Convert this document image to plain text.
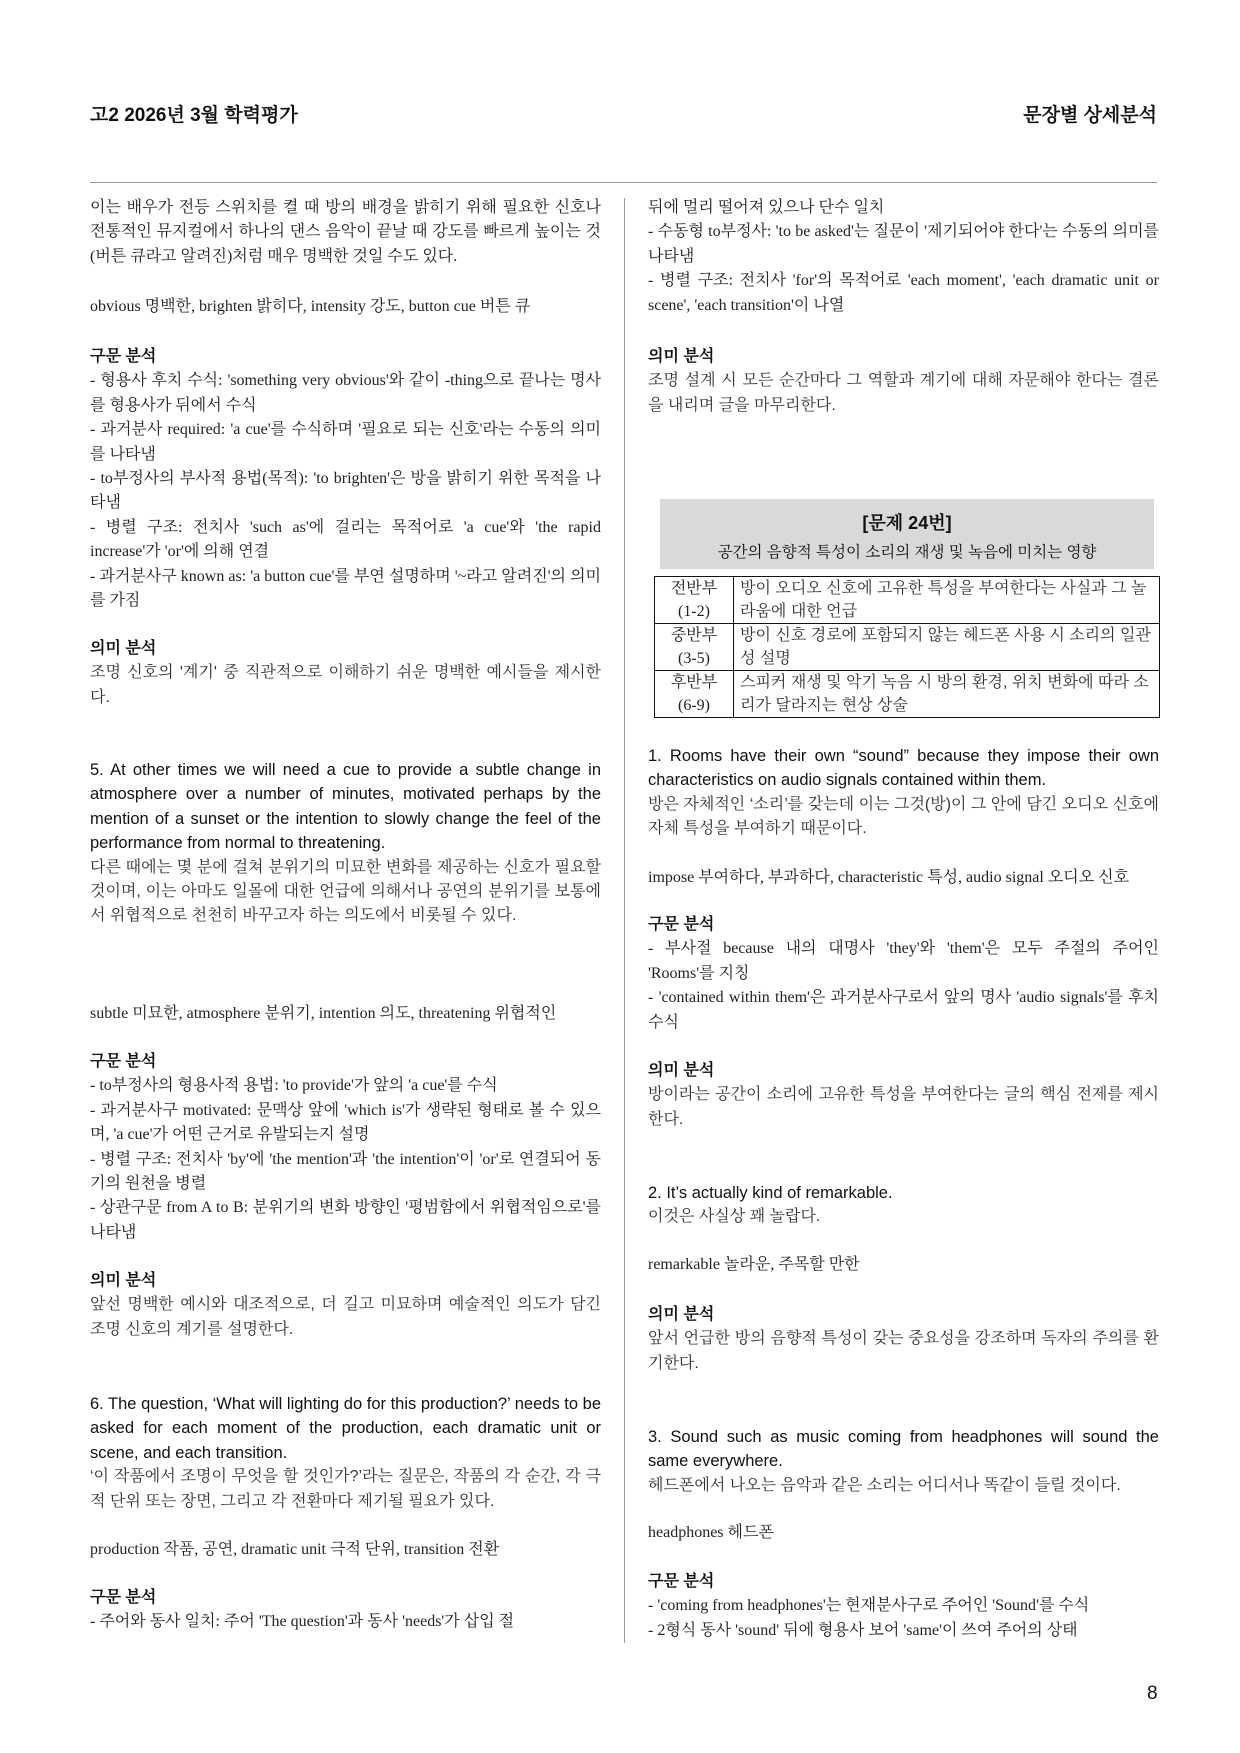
고2 2026년 3월 학력평가	문장별 상세분석

이는 배우가 전등 스위치를 켤 때 방의 배경을 밝히기 위해 필요한 신호나 전통적인 뮤지컬에서 하나의 댄스 음악이 끝날 때 강도를 빠르게 높이는 것(버튼 큐라고 알려진)처럼 매우 명백한 것일 수도 있다.

obvious 명백한, brighten 밝히다, intensity 강도, button cue 버튼 큐

구문 분석

- 형용사 후치 수식: 'something very obvious'와 같이 -thing으로 끝나는 명사를 형용사가 뒤에서 수식

- 과거분사 required: 'a cue'를 수식하며 '필요로 되는 신호'라는 수동의 의미를 나타냄

- to부정사의 부사적 용법(목적): 'to brighten'은 방을 밝히기 위한 목적을 나타냄

- 병렬 구조: 전치사 'such as'에 걸리는 목적어로 'a cue'와 'the rapid increase'가 'or'에 의해 연결

- 과거분사구 known as: 'a button cue'를 부연 설명하며 '~라고 알려진'의 의미를 가짐

의미 분석

조명 신호의 '계기' 중 직관적으로 이해하기 쉬운 명백한 예시들을 제시한다.

5. At other times we will need a cue to provide a subtle change in atmosphere over a number of minutes, motivated perhaps by the mention of a sunset or the intention to slowly change the feel of the performance from normal to threatening.

다른 때에는 몇 분에 걸쳐 분위기의 미묘한 변화를 제공하는 신호가 필요할 것이며, 이는 아마도 일몰에 대한 언급에 의해서나 공연의 분위기를 보통에서 위협적으로 천천히 바꾸고자 하는 의도에서 비롯될 수 있다.

subtle 미묘한, atmosphere 분위기, intention 의도, threatening 위협적인

구문 분석

- to부정사의 형용사적 용법: 'to provide'가 앞의 'a cue'를 수식

- 과거분사구 motivated: 문맥상 앞에 'which is'가 생략된 형태로 볼 수 있으며, 'a cue'가 어떤 근거로 유발되는지 설명

- 병렬 구조: 전치사 'by'에 'the mention'과 'the intention'이 'or'로 연결되어 동기의 원천을 병렬

- 상관구문 from A to B: 분위기의 변화 방향인 '평범함에서 위협적임으로'를 나타냄

의미 분석

앞선 명백한 예시와 대조적으로, 더 길고 미묘하며 예술적인 의도가 담긴 조명 신호의 계기를 설명한다.

6. The question, ‘What will lighting do for this production?’ needs to be asked for each moment of the production, each dramatic unit or scene, and each transition.

‘이 작품에서 조명이 무엇을 할 것인가?’라는 질문은, 작품의 각 순간, 각 극적 단위 또는 장면, 그리고 각 전환마다 제기될 필요가 있다.

production 작품, 공연, dramatic unit 극적 단위, transition 전환

구문 분석

- 주어와 동사 일치: 주어 'The question'과 동사 'needs'가 삽입 절

뒤에 멀리 떨어져 있으나 단수 일치

- 수동형 to부정사: 'to be asked'는 질문이 '제기되어야 한다'는 수동의 의미를 나타냄

- 병렬 구조: 전치사 'for'의 목적어로 'each moment', 'each dramatic unit or scene', 'each transition'이 나열

의미 분석

조명 설계 시 모든 순간마다 그 역할과 계기에 대해 자문해야 한다는 결론을 내리며 글을 마무리한다.

[문제 24번]
공간의 음향적 특성이 소리의 재생 및 녹음에 미치는 영향
전반부
(1-2)	방이 오디오 신호에 고유한 특성을 부여한다는 사실과 그 놀라움에 대한 언급
중반부
(3-5)	방이 신호 경로에 포함되지 않는 헤드폰 사용 시 소리의 일관성 설명
후반부
(6-9)	스피커 재생 및 악기 녹음 시 방의 환경, 위치 변화에 따라 소리가 달라지는 현상 상술

1. Rooms have their own “sound” because they impose their own characteristics on audio signals contained within them.

방은 자체적인 ‘소리’를 갖는데 이는 그것(방)이 그 안에 담긴 오디오 신호에 자체 특성을 부여하기 때문이다.

impose 부여하다, 부과하다, characteristic 특성, audio signal 오디오 신호

구문 분석

- 부사절 because 내의 대명사 'they'와 'them'은 모두 주절의 주어인 'Rooms'를 지칭

- 'contained within them'은 과거분사구로서 앞의 명사 'audio signals'를 후치 수식

의미 분석

방이라는 공간이 소리에 고유한 특성을 부여한다는 글의 핵심 전제를 제시한다.

2. It’s actually kind of remarkable.

이것은 사실상 꽤 놀랍다.

remarkable 놀라운, 주목할 만한

의미 분석

앞서 언급한 방의 음향적 특성이 갖는 중요성을 강조하며 독자의 주의를 환기한다.

3. Sound such as music coming from headphones will sound the same everywhere.

헤드폰에서 나오는 음악과 같은 소리는 어디서나 똑같이 들릴 것이다.

headphones 헤드폰

구문 분석

- 'coming from headphones'는 현재분사구로 주어인 'Sound'를 수식

- 2형식 동사 'sound' 뒤에 형용사 보어 'same'이 쓰여 주어의 상태

8
